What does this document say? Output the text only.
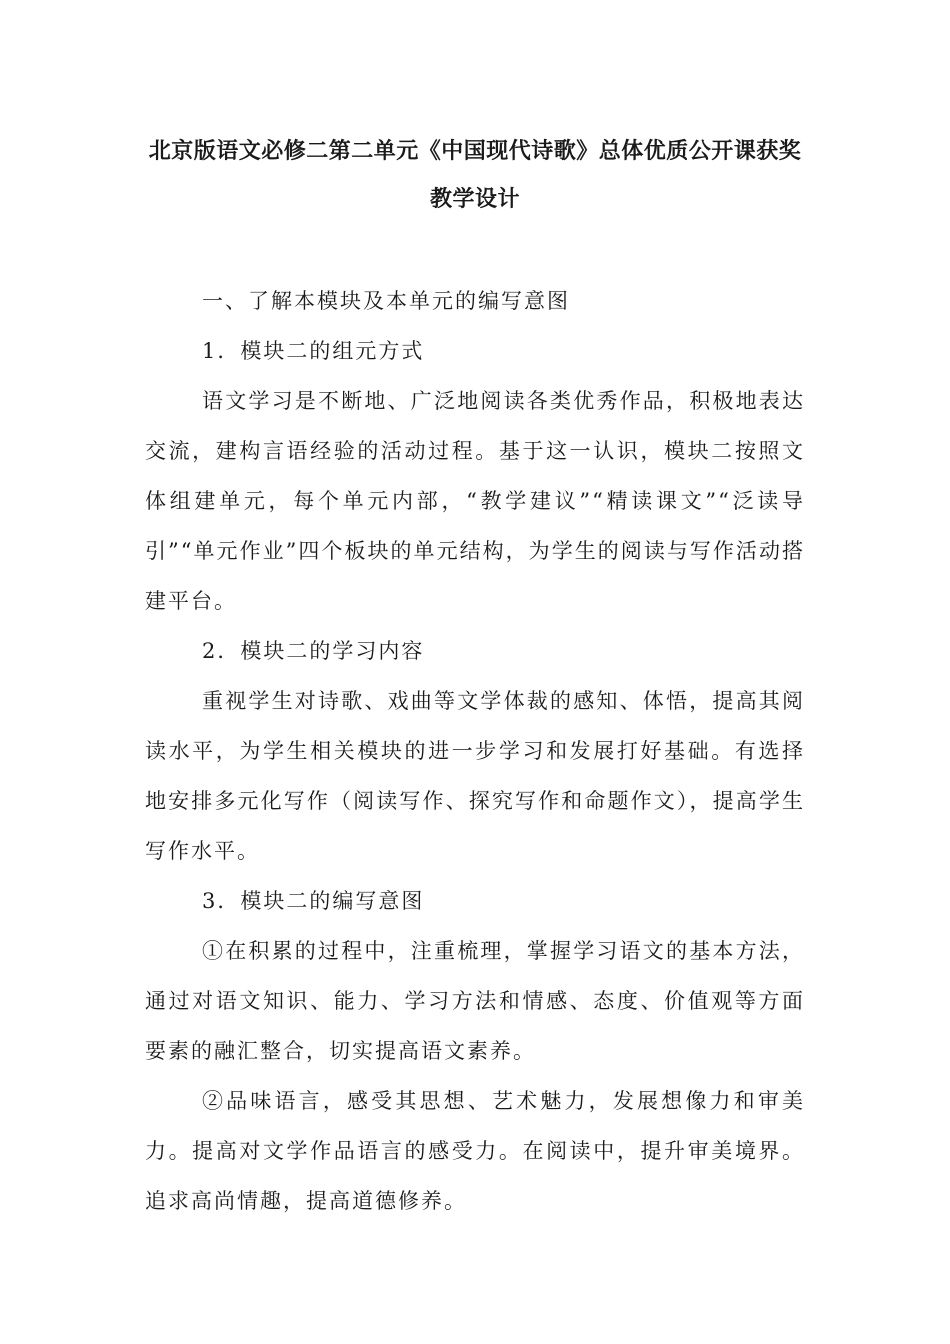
北京版语文必修二第二单元《中国现代诗歌》总体优质公开课获奖
教学设计

一、了解本模块及本单元的编写意图

1．模块二的组元方式

语文学习是不断地、广泛地阅读各类优秀作品，积极地表达交流，建构言语经验的活动过程。基于这一认识，模块二按照文体组建单元，每个单元内部，“教学建议”“精读课文”“泛读导引”“单元作业”四个板块的单元结构，为学生的阅读与写作活动搭建平台。

2．模块二的学习内容

重视学生对诗歌、戏曲等文学体裁的感知、体悟，提高其阅读水平，为学生相关模块的进一步学习和发展打好基础。有选择地安排多元化写作（阅读写作、探究写作和命题作文），提高学生写作水平。

3．模块二的编写意图

①在积累的过程中，注重梳理，掌握学习语文的基本方法，通过对语文知识、能力、学习方法和情感、态度、价值观等方面要素的融汇整合，切实提高语文素养。

②品味语言，感受其思想、艺术魅力，发展想像力和审美力。提高对文学作品语言的感受力。在阅读中，提升审美境界。追求高尚情趣，提高道德修养。
